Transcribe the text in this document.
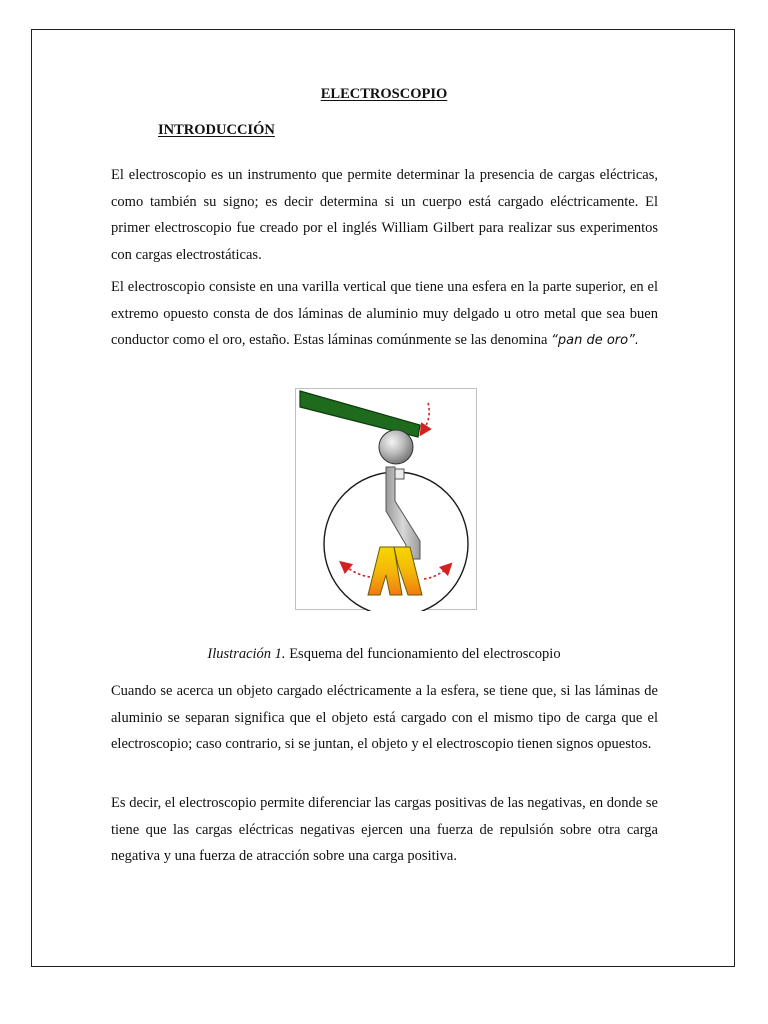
ELECTROSCOPIO
INTRODUCCIÓN

El electroscopio es un instrumento que permite determinar la presencia de cargas eléctricas, como también su signo; es decir determina si un cuerpo está cargado eléctricamente. El primer electroscopio fue creado por el inglés William Gilbert para realizar sus experimentos con cargas electrostáticas.

El electroscopio consiste en una varilla vertical que tiene una esfera en la parte superior, en el extremo opuesto consta de dos láminas de aluminio muy delgado u otro metal que sea buen conductor como el oro, estaño. Estas láminas comúnmente se las denomina “pan de oro”.

Ilustración 1. Esquema del funcionamiento del electroscopio

Cuando se acerca un objeto cargado eléctricamente a la esfera, se tiene que, si las láminas de aluminio se separan significa que el objeto está cargado con el mismo tipo de carga que el electroscopio; caso contrario, si se juntan, el objeto y el electroscopio tienen signos opuestos.

Es decir, el electroscopio permite diferenciar las cargas positivas de las negativas, en donde se tiene que las cargas eléctricas negativas ejercen una fuerza de repulsión sobre otra carga negativa y una fuerza de atracción sobre una carga positiva.
